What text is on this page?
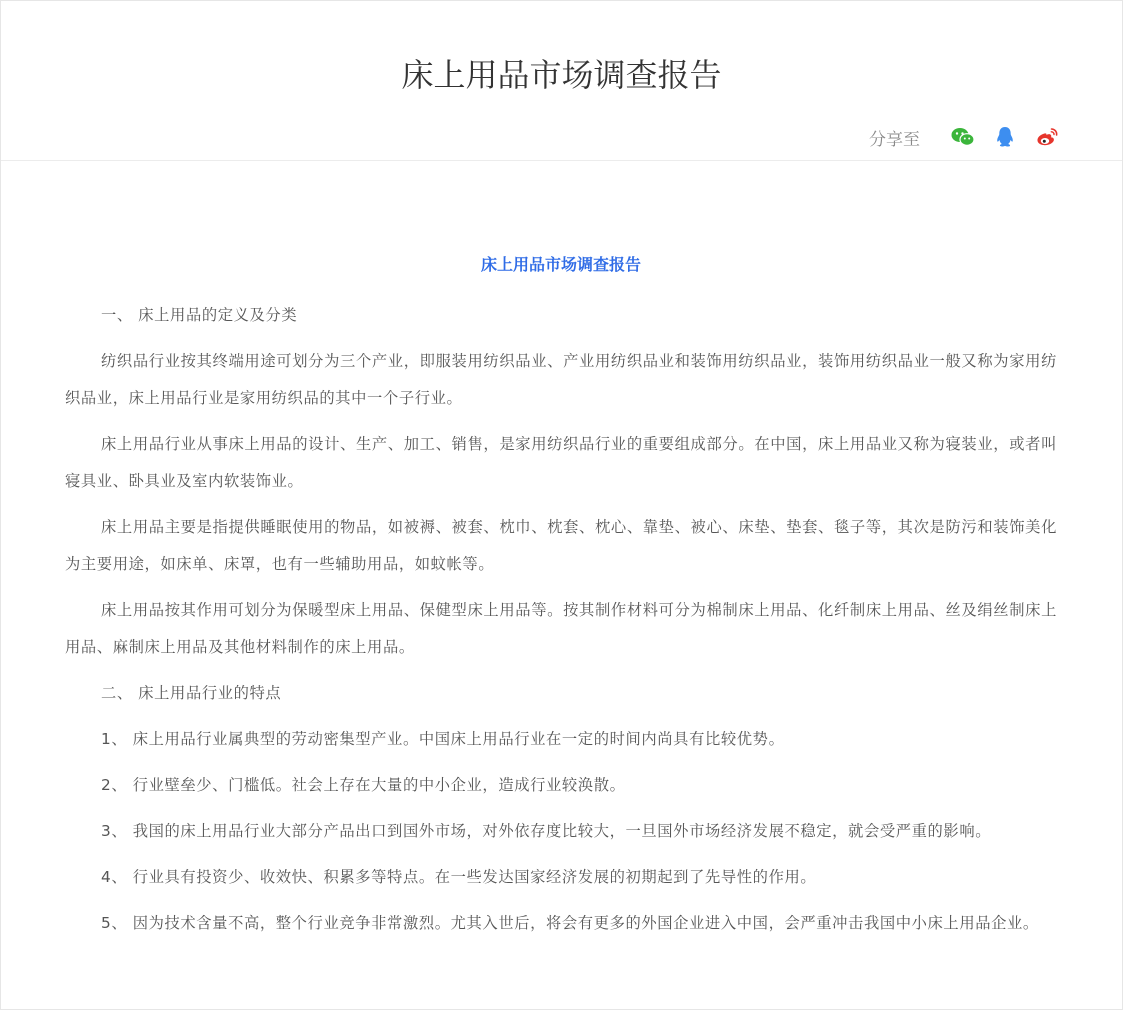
床上用品市场调查报告
分享至
床上用品市场调查报告

一、 床上用品的定义及分类

纺织品行业按其终端用途可划分为三个产业，即服装用纺织品业、产业用纺织品业和装饰用纺织品业，装饰用纺织品业一般又称为家用纺织品业，床上用品行业是家用纺织品的其中一个子行业。

床上用品行业从事床上用品的设计、生产、加工、销售，是家用纺织品行业的重要组成部分。在中国，床上用品业又称为寝装业，或者叫寝具业、卧具业及室内软装饰业。

床上用品主要是指提供睡眠使用的物品，如被褥、被套、枕巾、枕套、枕心、靠垫、被心、床垫、垫套、毯子等，其次是防污和装饰美化为主要用途，如床单、床罩，也有一些辅助用品，如蚊帐等。

床上用品按其作用可划分为保暖型床上用品、保健型床上用品等。按其制作材料可分为棉制床上用品、化纤制床上用品、丝及绢丝制床上用品、麻制床上用品及其他材料制作的床上用品。

二、 床上用品行业的特点

1、 床上用品行业属典型的劳动密集型产业。中国床上用品行业在一定的时间内尚具有比较优势。

2、 行业壁垒少、门槛低。社会上存在大量的中小企业，造成行业较涣散。

3、 我国的床上用品行业大部分产品出口到国外市场，对外依存度比较大，一旦国外市场经济发展不稳定，就会受严重的影响。

4、 行业具有投资少、收效快、积累多等特点。在一些发达国家经济发展的初期起到了先导性的作用。

5、 因为技术含量不高，整个行业竞争非常激烈。尤其入世后，将会有更多的外国企业进入中国，会严重冲击我国中小床上用品企业。
